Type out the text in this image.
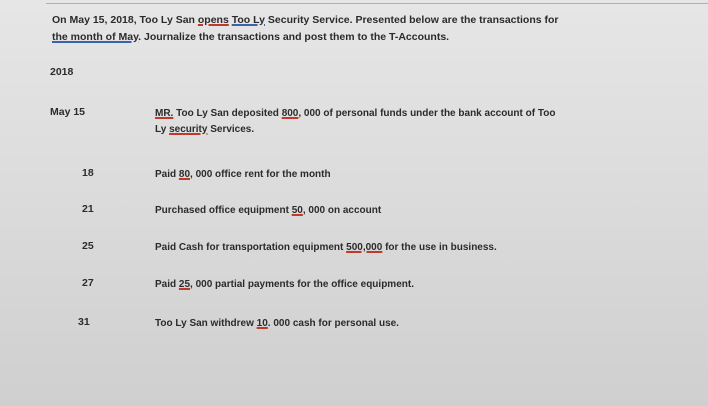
On May 15, 2018, Too Ly San opens Too Ly Security Service. Presented below are the transactions for
the month of May. Journalize the transactions and post them to the T-Accounts.
2018
May 15	MR. Too Ly San deposited 800, 000 of personal funds under the bank account of Too
Ly security Services.
18	Paid 80, 000 office rent for the month
21	Purchased office equipment 50, 000 on account
25	Paid Cash for transportation equipment 500,000 for the use in business.
27	Paid 25, 000 partial payments for the office equipment.
31	Too Ly San withdrew 10. 000 cash for personal use.
